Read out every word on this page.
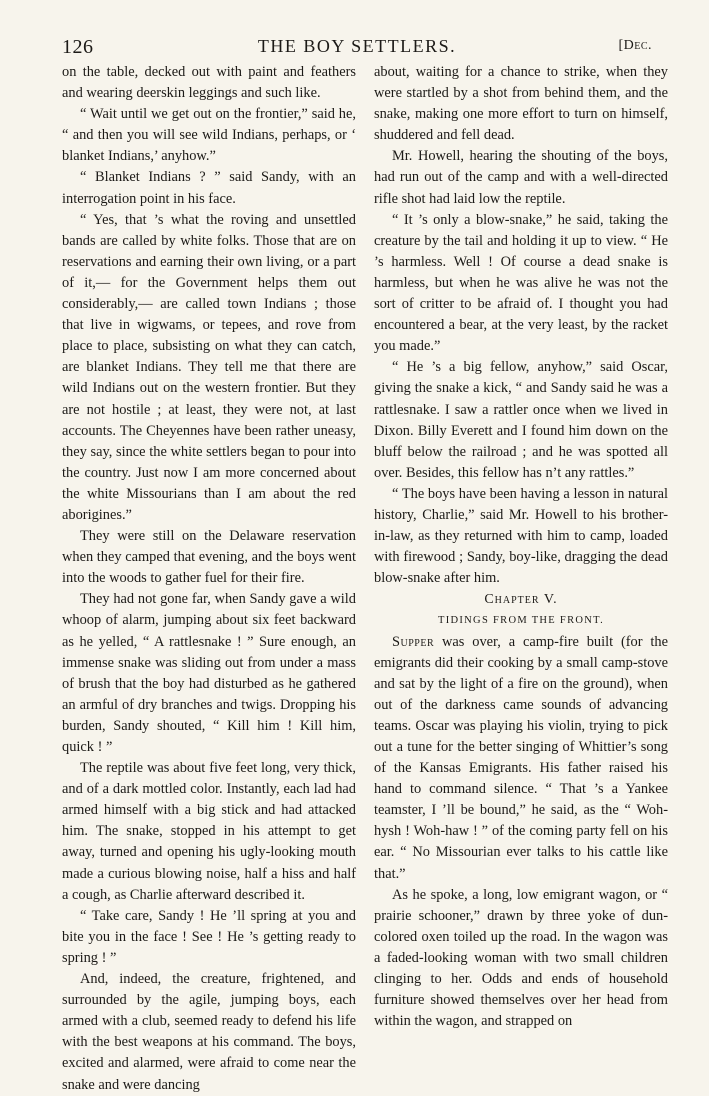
126	THE BOY SETTLERS.	[Dec.

on the table, decked out with paint and feathers and wearing deerskin leggings and such like.

“ Wait until we get out on the frontier,” said he, “ and then you will see wild Indians, perhaps, or ‘ blanket Indians,’ anyhow.”

“ Blanket Indians ? ” said Sandy, with an interrogation point in his face.

“ Yes, that ’s what the roving and unsettled bands are called by white folks. Those that are on reservations and earning their own living, or a part of it,— for the Government helps them out considerably,— are called town Indians ; those that live in wigwams, or tepees, and rove from place to place, subsisting on what they can catch, are blanket Indians. They tell me that there are wild Indians out on the western frontier. But they are not hostile ; at least, they were not, at last accounts. The Cheyennes have been rather uneasy, they say, since the white settlers began to pour into the country. Just now I am more concerned about the white Missourians than I am about the red aborigines.”

They were still on the Delaware reservation when they camped that evening, and the boys went into the woods to gather fuel for their fire.

They had not gone far, when Sandy gave a wild whoop of alarm, jumping about six feet backward as he yelled, “ A rattlesnake ! ” Sure enough, an immense snake was sliding out from under a mass of brush that the boy had disturbed as he gathered an armful of dry branches and twigs. Dropping his burden, Sandy shouted, “ Kill him ! Kill him, quick ! ”

The reptile was about five feet long, very thick, and of a dark mottled color. Instantly, each lad had armed himself with a big stick and had attacked him. The snake, stopped in his attempt to get away, turned and opening his ugly-looking mouth made a curious blowing noise, half a hiss and half a cough, as Charlie afterward described it.

“ Take care, Sandy ! He ’ll spring at you and bite you in the face ! See ! He ’s getting ready to spring ! ”

And, indeed, the creature, frightened, and surrounded by the agile, jumping boys, each armed with a club, seemed ready to defend his life with the best weapons at his command. The boys, excited and alarmed, were afraid to come near the snake and were dancing

about, waiting for a chance to strike, when they were startled by a shot from behind them, and the snake, making one more effort to turn on himself, shuddered and fell dead.

Mr. Howell, hearing the shouting of the boys, had run out of the camp and with a well-directed rifle shot had laid low the reptile.

“ It ’s only a blow-snake,” he said, taking the creature by the tail and holding it up to view. “ He ’s harmless. Well ! Of course a dead snake is harmless, but when he was alive he was not the sort of critter to be afraid of. I thought you had encountered a bear, at the very least, by the racket you made.”

“ He ’s a big fellow, anyhow,” said Oscar, giving the snake a kick, “ and Sandy said he was a rattlesnake. I saw a rattler once when we lived in Dixon. Billy Everett and I found him down on the bluff below the railroad ; and he was spotted all over. Besides, this fellow has n’t any rattles.”

“ The boys have been having a lesson in natural history, Charlie,” said Mr. Howell to his brother-in-law, as they returned with him to camp, loaded with firewood ; Sandy, boy-like, dragging the dead blow-snake after him.

Chapter V.

TIDINGS FROM THE FRONT.

Supper was over, a camp-fire built (for the emigrants did their cooking by a small camp-stove and sat by the light of a fire on the ground), when out of the darkness came sounds of advancing teams. Oscar was playing his violin, trying to pick out a tune for the better singing of Whittier’s song of the Kansas Emigrants. His father raised his hand to command silence. “ That ’s a Yankee teamster, I ’ll be bound,” he said, as the “ Woh-hysh ! Woh-haw ! ” of the coming party fell on his ear. “ No Missourian ever talks to his cattle like that.”

As he spoke, a long, low emigrant wagon, or “ prairie schooner,” drawn by three yoke of dun-colored oxen toiled up the road. In the wagon was a faded-looking woman with two small children clinging to her. Odds and ends of household furniture showed themselves over her head from within the wagon, and strapped on
